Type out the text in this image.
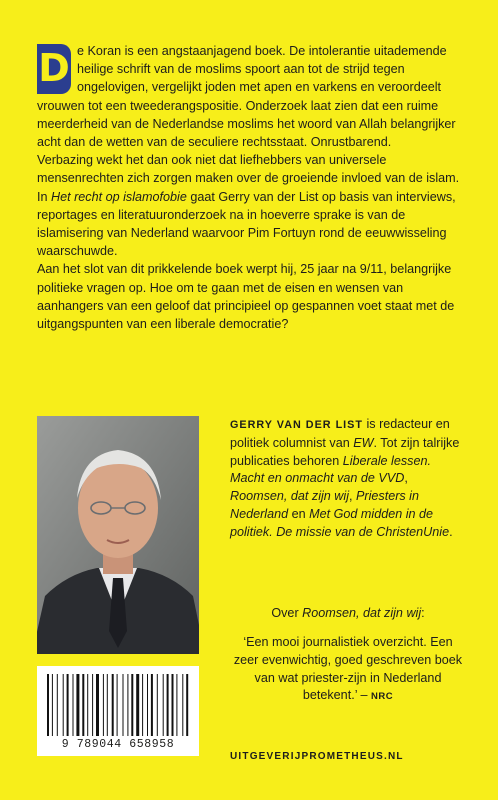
D e Koran is een angstaanjagend boek. De intolerantie uitademende heilige schrift van de moslims spoort aan tot de strijd tegen ongelovigen, vergelijkt joden met apen en varkens en veroordeelt vrouwen tot een tweederangspositie. Onderzoek laat zien dat een ruime meerderheid van de Nederlandse moslims het woord van Allah belangrijker acht dan de wetten van de seculiere rechtsstaat. Onrustbarend.

Verbazing wekt het dan ook niet dat liefhebbers van universele mensenrechten zich zorgen maken over de groeiende invloed van de islam. In Het recht op islamofobie gaat Gerry van der List op basis van interviews, reportages en literatuuronderzoek na in hoeverre sprake is van de islamisering van Nederland waarvoor Pim Fortuyn rond de eeuwwisseling waarschuwde.

Aan het slot van dit prikkelende boek werpt hij, 25 jaar na 9/11, belangrijke politieke vragen op. Hoe om te gaan met de eisen en wensen van aanhangers van een geloof dat principieel op gespannen voet staat met de uitgangspunten van een liberale democratie?

GERRY VAN DER LIST is redacteur en politiek columnist van EW. Tot zijn talrijke publicaties behoren Liberale lessen. Macht en onmacht van de VVD, Roomsen, dat zijn wij, Priesters in Nederland en Met God midden in de politiek. De missie van de ChristenUnie.

Over Roomsen, dat zijn wij:
‘Een mooi journalistiek overzicht. Een zeer evenwichtig, goed geschreven boek van wat priester-zijn in Nederland betekent.’ – NRC
9 789044 658958
UITGEVERIJPROMETHEUS.NL
